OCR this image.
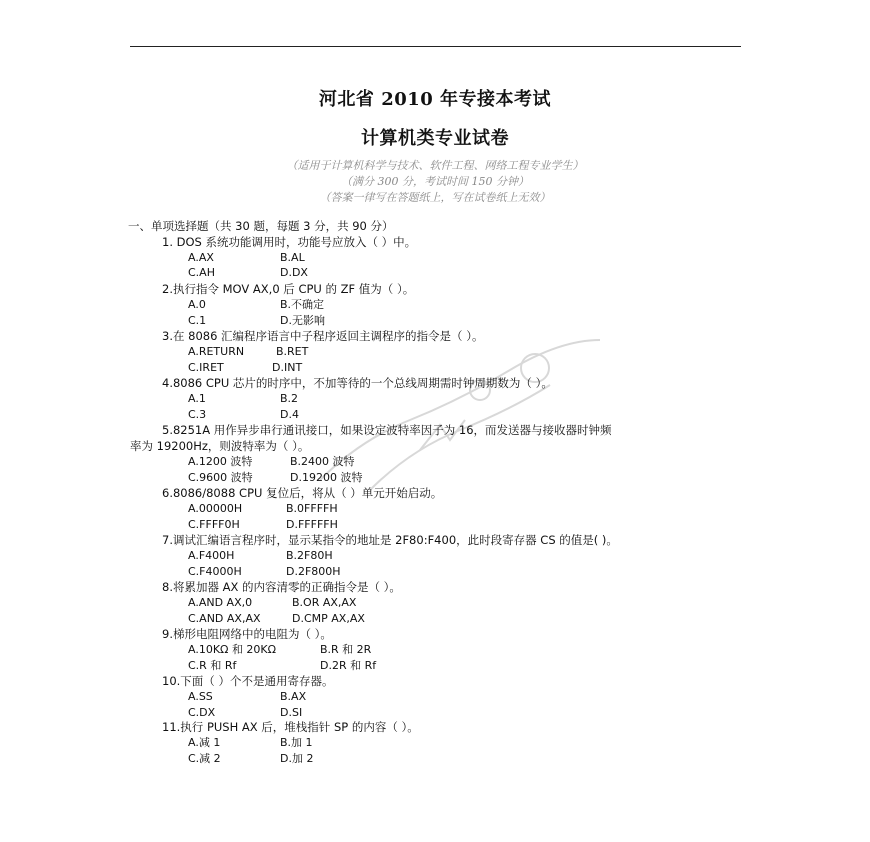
河北省 2010 年专接本考试
计算机类专业试卷
（适用于计算机科学与技术、软件工程、网络工程专业学生）
（满分 300 分，考试时间 150 分钟）
（答案一律写在答题纸上，写在试卷纸上无效）
一、单项选择题（共 30 题，每题 3 分，共 90 分）
1. DOS 系统功能调用时，功能号应放入（ ）中。
A.AX	B.AL
C.AH	D.DX
2.执行指令 MOV AX,0 后 CPU 的 ZF 值为（ ）。
A.0	B.不确定
C.1	D.无影响
3.在 8086 汇编程序语言中子程序返回主调程序的指令是（ ）。
A.RETURN	B.RET
C.IRET	D.INT
4.8086 CPU 芯片的时序中，不加等待的一个总线周期需时钟周期数为（ ）。
A.1	B.2
C.3	D.4
5.8251A 用作异步串行通讯接口，如果设定波特率因子为 16，而发送器与接收器时钟频
率为 19200Hz，则波特率为（ ）。
A.1200 波特	B.2400 波特
C.9600 波特	D.19200 波特
6.8086/8088 CPU 复位后，将从（ ）单元开始启动。
A.00000H	B.0FFFFH
C.FFFF0H	D.FFFFFH
7.调试汇编语言程序时，显示某指令的地址是 2F80:F400，此时段寄存器 CS 的值是( )。
A.F400H	B.2F80H
C.F4000H	D.2F800H
8.将累加器 AX 的内容清零的正确指令是（ ）。
A.AND AX,0	B.OR AX,AX
C.AND AX,AX	D.CMP AX,AX
9.梯形电阻网络中的电阻为（ ）。
A.10KΩ 和 20KΩ	B.R 和 2R
C.R 和 Rf	D.2R 和 Rf
10.下面（ ）个不是通用寄存器。
A.SS	B.AX
C.DX	D.SI
11.执行 PUSH AX 后，堆栈指针 SP 的内容（ ）。
A.减 1	B.加 1
C.减 2	D.加 2
